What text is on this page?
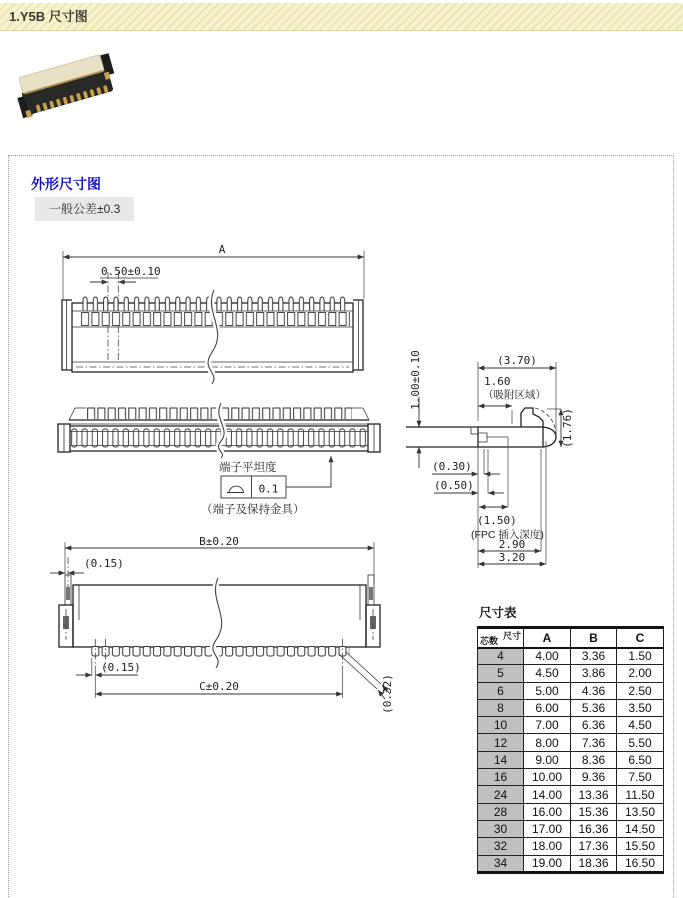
1.Y5B 尺寸图
外形尺寸图
一般公差±0.3
A
0.50±0.10
端子平坦度
0.1
（端子及保持金具）
1.00±0.10	(3.70)
1.60
（吸附区域）
(1.76)
(0.30)
(0.50)
(1.50)
(FPC 插入深度)
2.90
3.20
B±0.20
(0.15)
(0.15)
C±0.20	(0.32)
尺寸表
尺寸
芯数	A	B	C
4	4.00	3.36	1.50
5	4.50	3.86	2.00
6	5.00	4.36	2.50
8	6.00	5.36	3.50
10	7.00	6.36	4.50
12	8.00	7.36	5.50
14	9.00	8.36	6.50
16	10.00	9.36	7.50
24	14.00	13.36	11.50
28	16.00	15.36	13.50
30	17.00	16.36	14.50
32	18.00	17.36	15.50
34	19.00	18.36	16.50
